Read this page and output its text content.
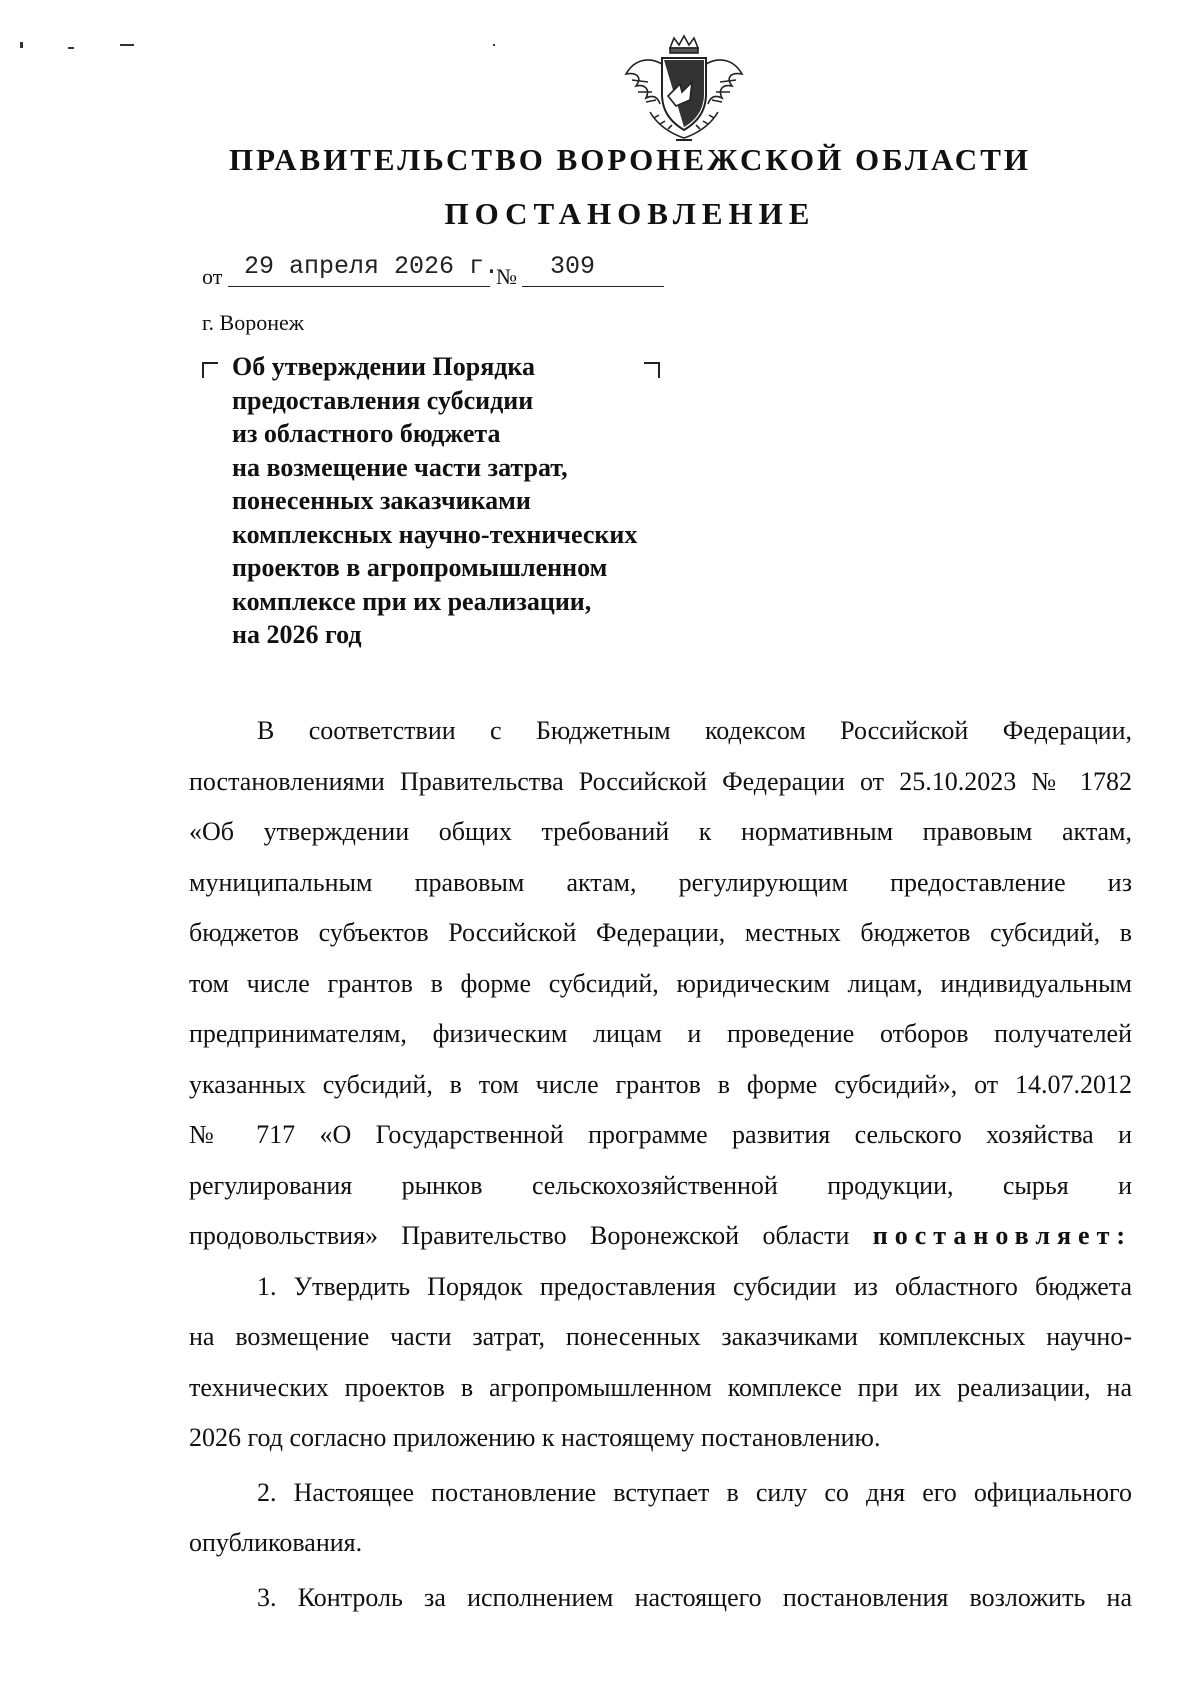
ПРАВИТЕЛЬСТВО ВОРОНЕЖСКОЙ ОБЛАСТИ
ПОСТАНОВЛЕНИЕ
от 29 апреля 2026 г.
№ 309
г. Воронеж
Об утверждении Порядка
предоставления субсидии
из областного бюджета
на возмещение части затрат,
понесенных заказчиками
комплексных научно-технических
проектов в агропромышленном
комплексе при их реализации,
на 2026 год
В соответствии с Бюджетным кодексом Российской Федерации,
постановлениями Правительства Российской Федерации от 25.10.2023 № 1782
«Об утверждении общих требований к нормативным правовым актам,
муниципальным правовым актам, регулирующим предоставление из
бюджетов субъектов Российской Федерации, местных бюджетов субсидий, в
том числе грантов в форме субсидий, юридическим лицам, индивидуальным
предпринимателям, физическим лицам и проведение отборов получателей
указанных субсидий, в том числе грантов в форме субсидий», от 14.07.2012
№ 717 «О Государственной программе развития сельского хозяйства и
регулирования рынков сельскохозяйственной продукции, сырья и
продовольствия» Правительство Воронежской области постановляет:
1. Утвердить Порядок предоставления субсидии из областного бюджета
на возмещение части затрат, понесенных заказчиками комплексных научно-
технических проектов в агропромышленном комплексе при их реализации, на
2026 год согласно приложению к настоящему постановлению.
2. Настоящее постановление вступает в силу со дня его официального
опубликования.
3. Контроль за исполнением настоящего постановления возложить на
